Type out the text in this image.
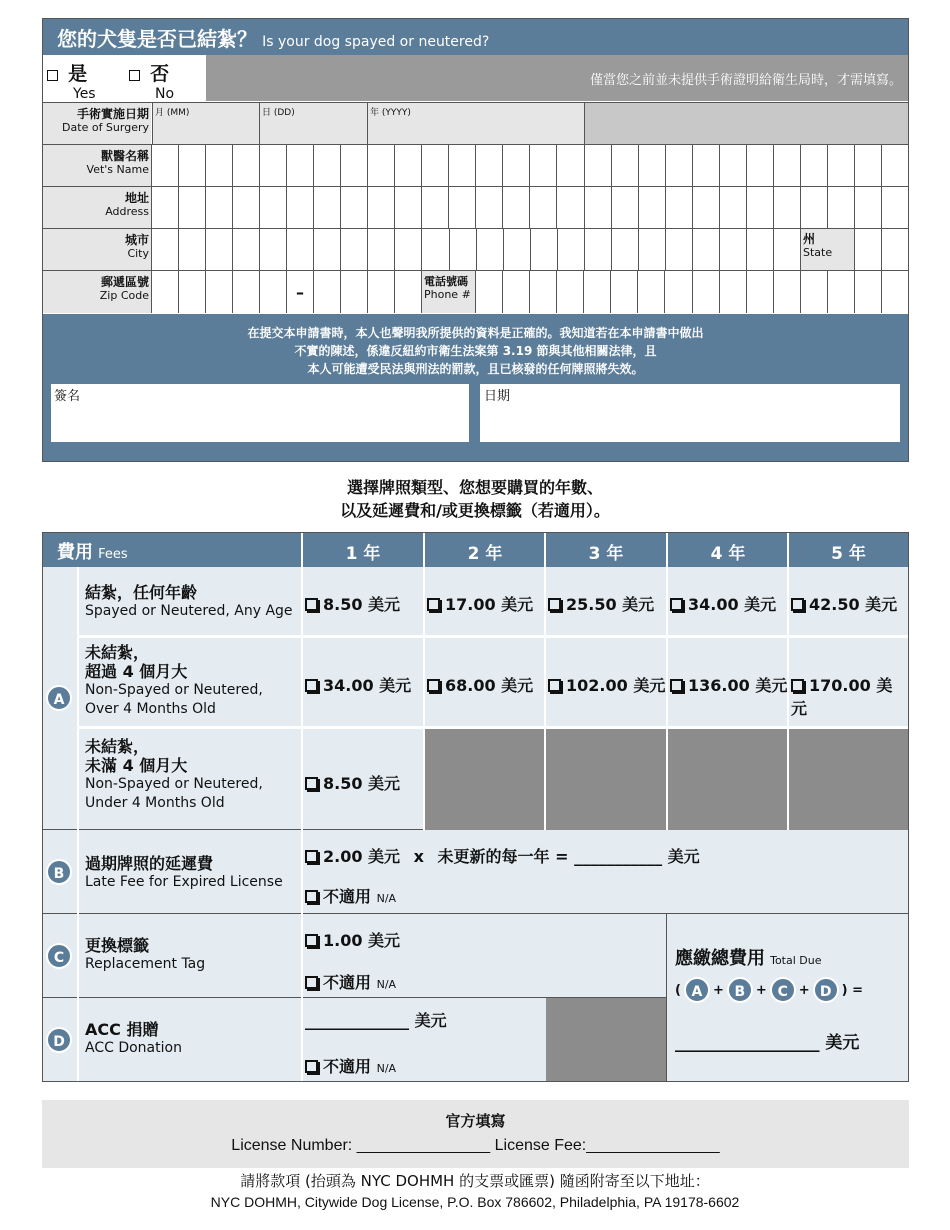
您的犬隻是否已結紮？ Is your dog spayed or neutered?
是
Yes
否
No
僅當您之前並未提供手術證明給衛生局時，才需填寫。
手術實施日期
Date of Surgery
月 (MM)	日 (DD)	年 (YYYY)
獸醫名稱
Vet's Name
地址
Address
城市
City
州
State
郵遞區號
Zip Code	–
電話號碼
Phone #
在提交本申請書時，本人也聲明我所提供的資料是正確的。我知道若在本申請書中做出
不實的陳述，係違反紐約市衛生法案第 3.19 節與其他相關法律，且
本人可能遭受民法與刑法的罰款，且已核發的任何牌照將失效。
簽名	日期
選擇牌照類型、您想要購買的年數、
以及延遲費和/或更換標籤（若適用）。
費用 Fees	1 年	2 年	3 年	4 年	5 年
A
結紮，任何年齡
Spayed or Neutered, Any Age	8.50 美元	17.00 美元	25.50 美元	34.00 美元	42.50 美元
未結紮，
超過 4 個月大
Non-Spayed or Neutered,
Over 4 Months Old
34.00 美元	68.00 美元	102.00 美元	136.00 美元	170.00 美元
未結紮，
未滿 4 個月大
Non-Spayed or Neutered,
Under 4 Months Old
8.50 美元
B
過期牌照的延遲費
Late Fee for Expired License
2.00 美元 x 未更新的每一年 = ___________ 美元
不適用 N/A
C
更換標籤
Replacement Tag
1.00 美元
不適用 N/A
D
ACC 捐贈
ACC Donation
_____________ 美元
不適用 N/A
應繳總費用 Total Due
( A + B + C + D ) =
_________________ 美元
官方填寫
License Number: _______________ License Fee:_______________
請將款項 (抬頭為 NYC DOHMH 的支票或匯票) 隨函附寄至以下地址：
NYC DOHMH, Citywide Dog License, P.O. Box 786602, Philadelphia, PA 19178-6602
